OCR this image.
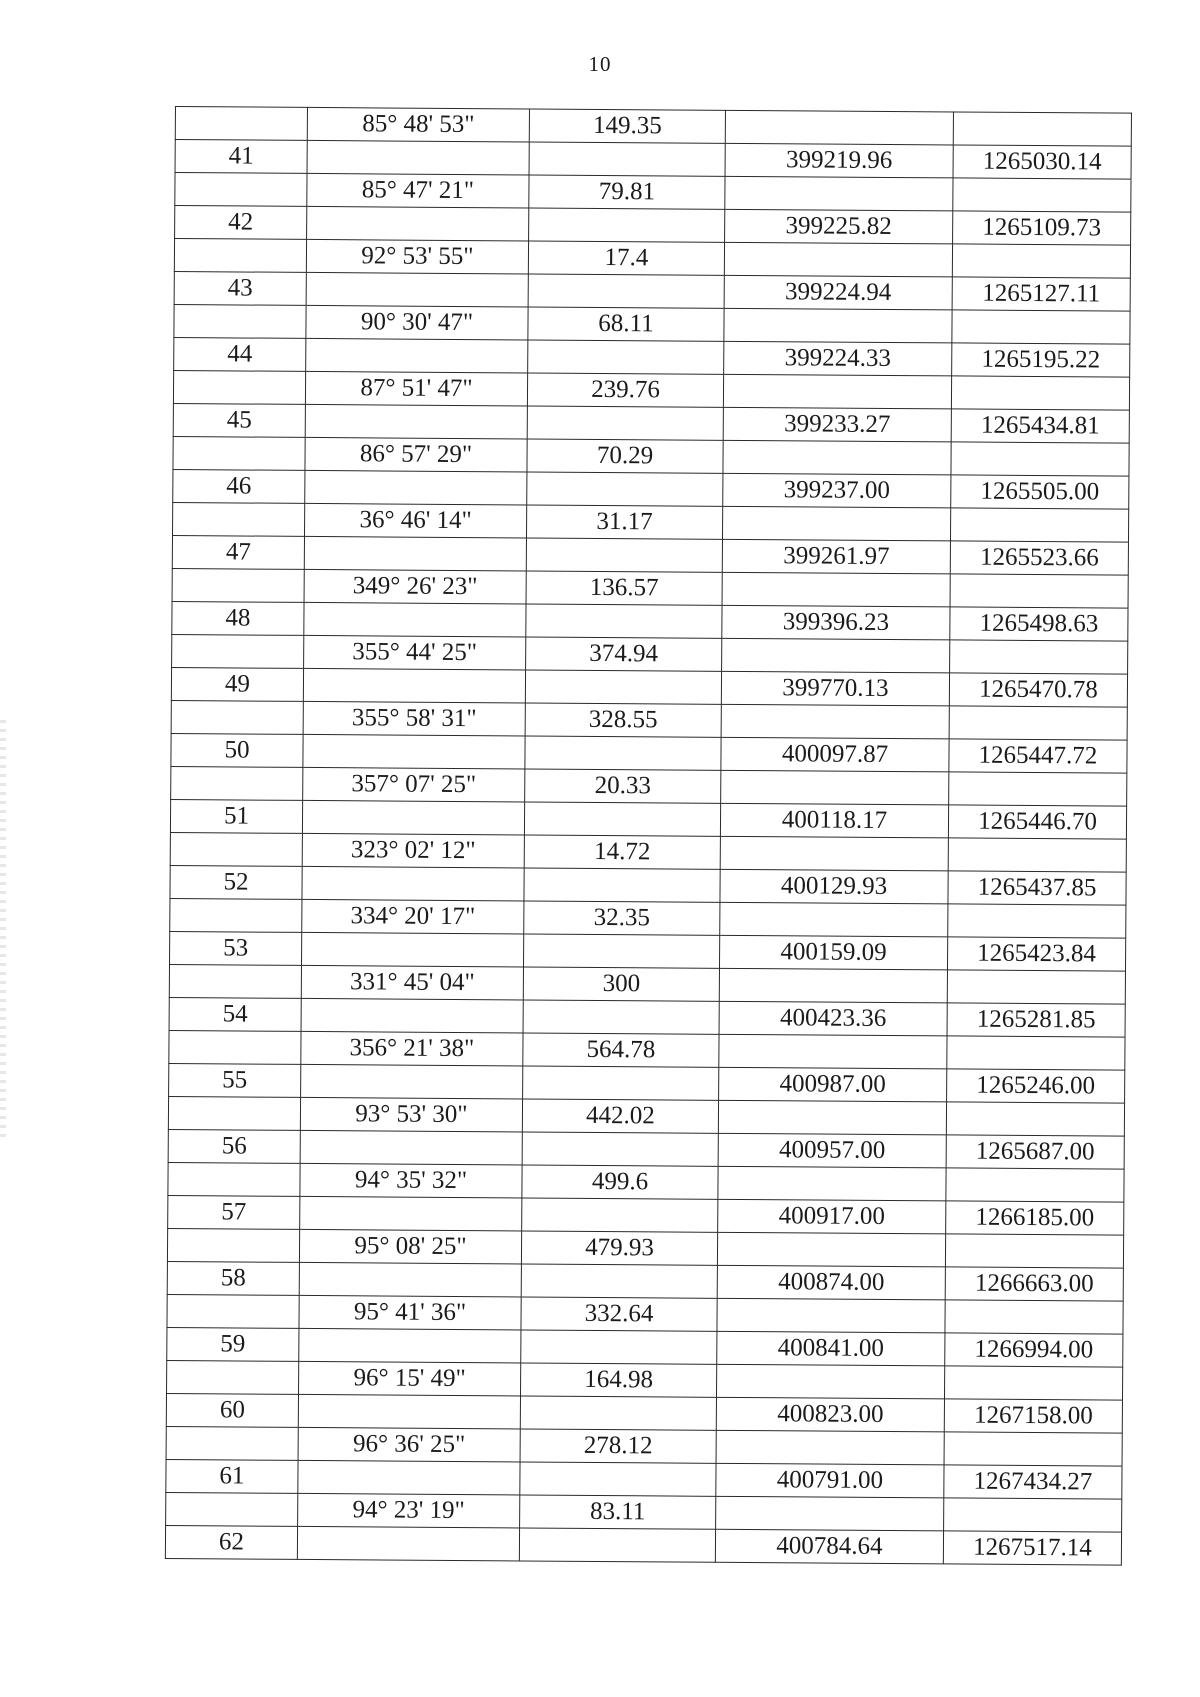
10
	85° 48' 53"	149.35		
41			399219.96	1265030.14
	85° 47' 21"	79.81		
42			399225.82	1265109.73
	92° 53' 55"	17.4		
43			399224.94	1265127.11
	90° 30' 47"	68.11		
44			399224.33	1265195.22
	87° 51' 47"	239.76		
45			399233.27	1265434.81
	86° 57' 29"	70.29		
46			399237.00	1265505.00
	36° 46' 14"	31.17		
47			399261.97	1265523.66
	349° 26' 23"	136.57		
48			399396.23	1265498.63
	355° 44' 25"	374.94		
49			399770.13	1265470.78
	355° 58' 31"	328.55		
50			400097.87	1265447.72
	357° 07' 25"	20.33		
51			400118.17	1265446.70
	323° 02' 12"	14.72		
52			400129.93	1265437.85
	334° 20' 17"	32.35		
53			400159.09	1265423.84
	331° 45' 04"	300		
54			400423.36	1265281.85
	356° 21' 38"	564.78		
55			400987.00	1265246.00
	93° 53' 30"	442.02		
56			400957.00	1265687.00
	94° 35' 32"	499.6		
57			400917.00	1266185.00
	95° 08' 25"	479.93		
58			400874.00	1266663.00
	95° 41' 36"	332.64		
59			400841.00	1266994.00
	96° 15' 49"	164.98		
60			400823.00	1267158.00
	96° 36' 25"	278.12		
61			400791.00	1267434.27
	94° 23' 19"	83.11		
62			400784.64	1267517.14
